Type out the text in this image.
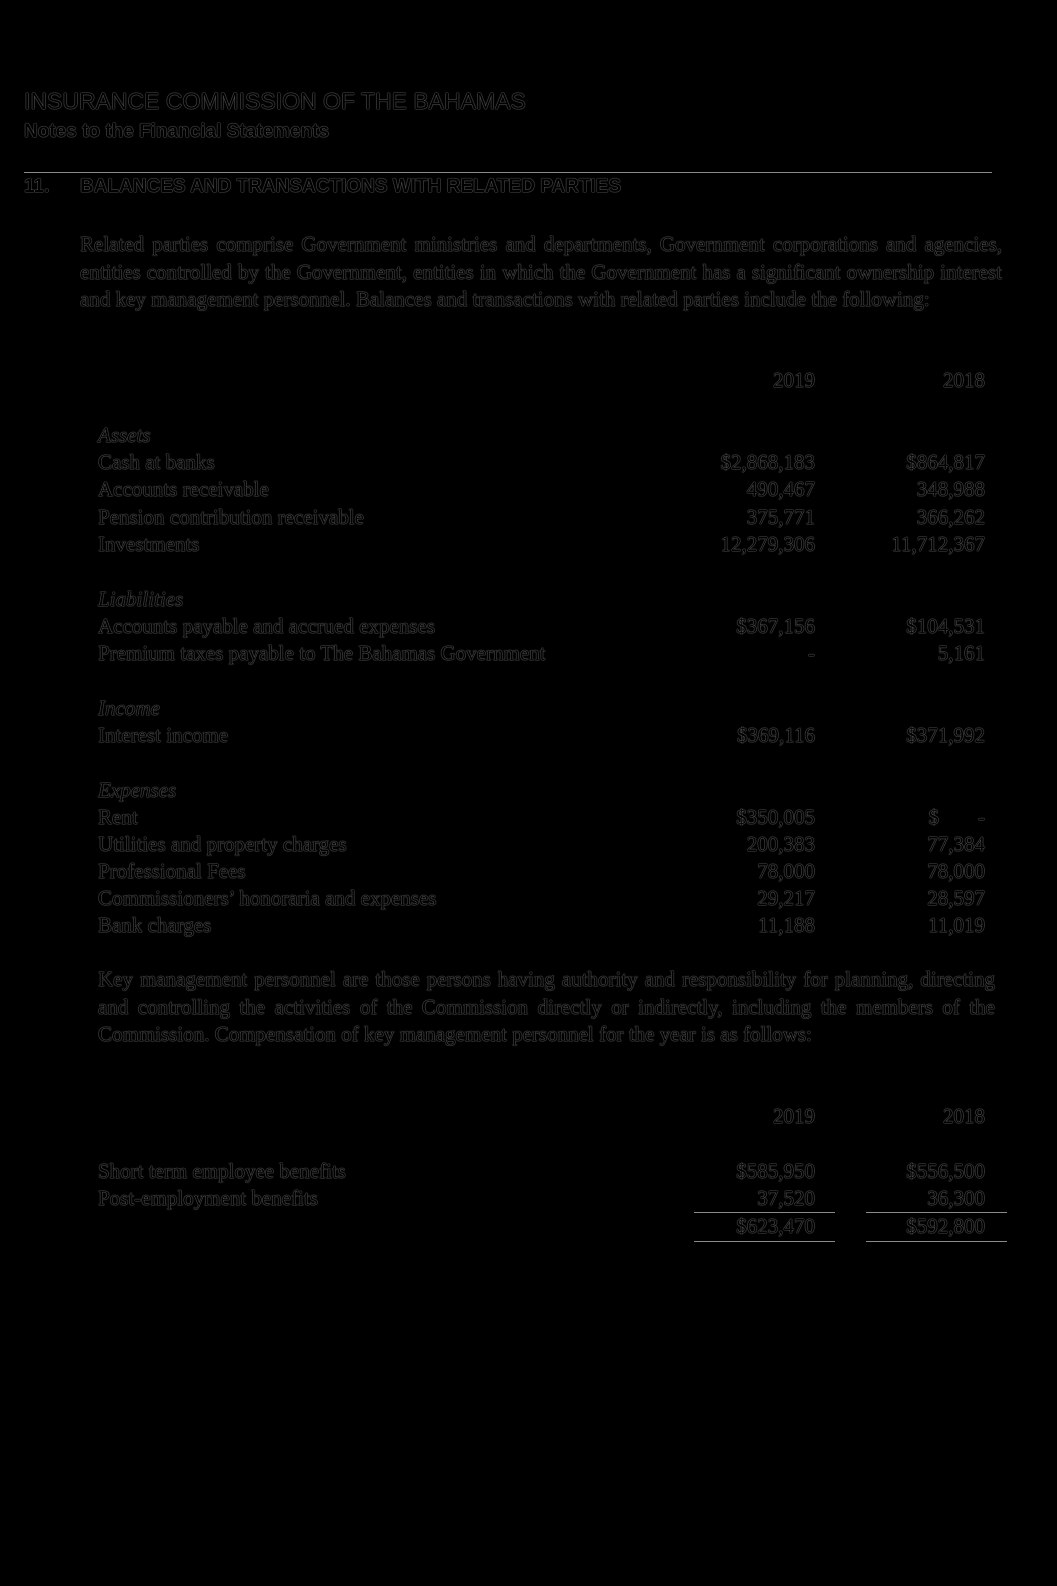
INSURANCE COMMISSION OF THE BAHAMAS
Notes to the Financial Statements
11. BALANCES AND TRANSACTIONS WITH RELATED PARTIES
Related parties comprise Government ministries and departments, Government corporations and agencies, entities controlled by the Government, entities in which the Government has a significant ownership interest and key management personnel. Balances and transactions with related parties include the following:
2019	2018
Assets
Cash at banks	$2,868,183	$864,817
Accounts receivable	490,467	348,988
Pension contribution receivable	375,771	366,262
Investments	12,279,306	11,712,367
Liabilities
Accounts payable and accrued expenses	$367,156	$104,531
Premium taxes payable to The Bahamas Government	-	5,161
Income
Interest income	$369,116	$371,992
Expenses
Rent	$350,005	$ -
Utilities and property charges	200,383	77,384
Professional Fees	78,000	78,000
Commissioners’ honoraria and expenses	29,217	28,597
Bank charges	11,188	11,019
Key management personnel are those persons having authority and responsibility for planning, directing and controlling the activities of the Commission directly or indirectly, including the members of the Commission. Compensation of key management personnel for the year is as follows:
2019	2018
Short term employee benefits	$585,950	$556,500
Post-employment benefits	37,520	36,300
$623,470	$592,800
